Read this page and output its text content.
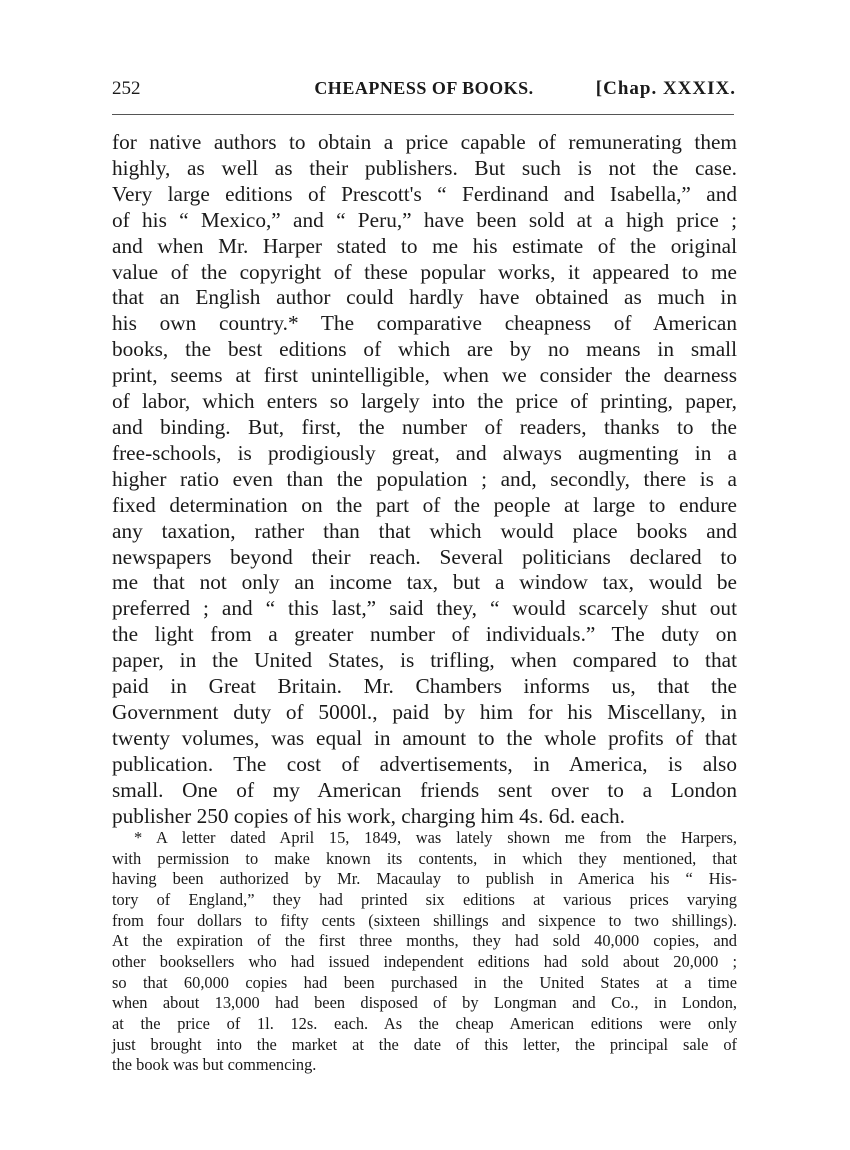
252	CHEAPNESS OF BOOKS.	[Chap. XXXIX.
for native authors to obtain a price capable of remunerating them
highly, as well as their publishers. But such is not the case.
Very large editions of Prescott's “ Ferdinand and Isabella,” and
of his “ Mexico,” and “ Peru,” have been sold at a high price ;
and when Mr. Harper stated to me his estimate of the original
value of the copyright of these popular works, it appeared to me
that an English author could hardly have obtained as much in
his own country.* The comparative cheapness of American
books, the best editions of which are by no means in small
print, seems at first unintelligible, when we consider the dearness
of labor, which enters so largely into the price of printing, paper,
and binding. But, first, the number of readers, thanks to the
free-schools, is prodigiously great, and always augmenting in a
higher ratio even than the population ; and, secondly, there is a
fixed determination on the part of the people at large to endure
any taxation, rather than that which would place books and
newspapers beyond their reach. Several politicians declared to
me that not only an income tax, but a window tax, would be
preferred ; and “ this last,” said they, “ would scarcely shut out
the light from a greater number of individuals.” The duty on
paper, in the United States, is trifling, when compared to that
paid in Great Britain. Mr. Chambers informs us, that the
Government duty of 5000l., paid by him for his Miscellany, in
twenty volumes, was equal in amount to the whole profits of that
publication. The cost of advertisements, in America, is also
small. One of my American friends sent over to a London
publisher 250 copies of his work, charging him 4s. 6d. each.
* A letter dated April 15, 1849, was lately shown me from the Harpers,
with permission to make known its contents, in which they mentioned, that
having been authorized by Mr. Macaulay to publish in America his “ His-
tory of England,” they had printed six editions at various prices varying
from four dollars to fifty cents (sixteen shillings and sixpence to two shillings).
At the expiration of the first three months, they had sold 40,000 copies, and
other booksellers who had issued independent editions had sold about 20,000 ;
so that 60,000 copies had been purchased in the United States at a time
when about 13,000 had been disposed of by Longman and Co., in London,
at the price of 1l. 12s. each. As the cheap American editions were only
just brought into the market at the date of this letter, the principal sale of
the book was but commencing.
